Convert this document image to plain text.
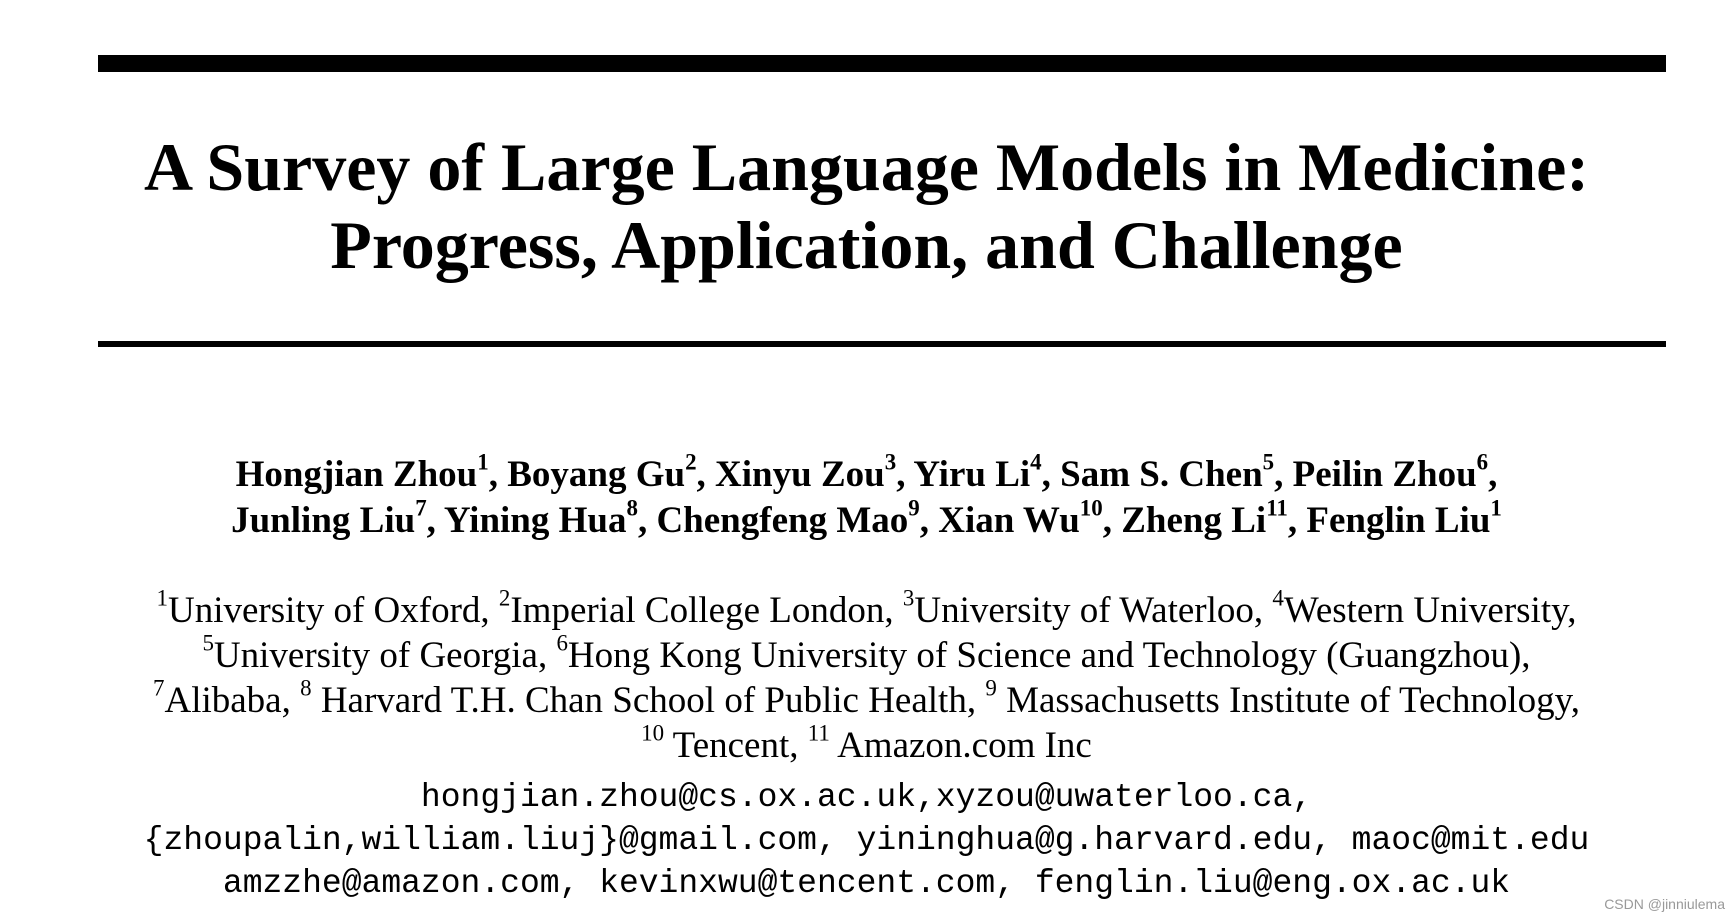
A Survey of Large Language Models in Medicine:
Progress, Application, and Challenge
Hongjian Zhou$^1$, Boyang Gu$^2$, Xinyu Zou$^3$, Yiru Li$^4$, Sam S. Chen$^5$, Peilin Zhou$^6$,
Junling Liu$^7$, Yining Hua$^8$, Chengfeng Mao$^9$, Xian Wu$^{10}$, Zheng Li$^{11}$, Fenglin Liu$^1$
$^1$University of Oxford, $^2$Imperial College London, $^3$University of Waterloo, $^4$Western University,
$^5$University of Georgia, $^6$Hong Kong University of Science and Technology (Guangzhou),
$^7$Alibaba, $^8$ Harvard T.H. Chan School of Public Health, $^9$ Massachusetts Institute of Technology,
$^{10}$ Tencent, $^{11}$ Amazon.com Inc
hongjian.zhou@cs.ox.ac.uk,xyzou@uwaterloo.ca,
{zhoupalin,william.liuj}@gmail.com, yininghua@g.harvard.edu, maoc@mit.edu
amzzhe@amazon.com, kevinxwu@tencent.com, fenglin.liu@eng.ox.ac.uk
CSDN @jinniulema
